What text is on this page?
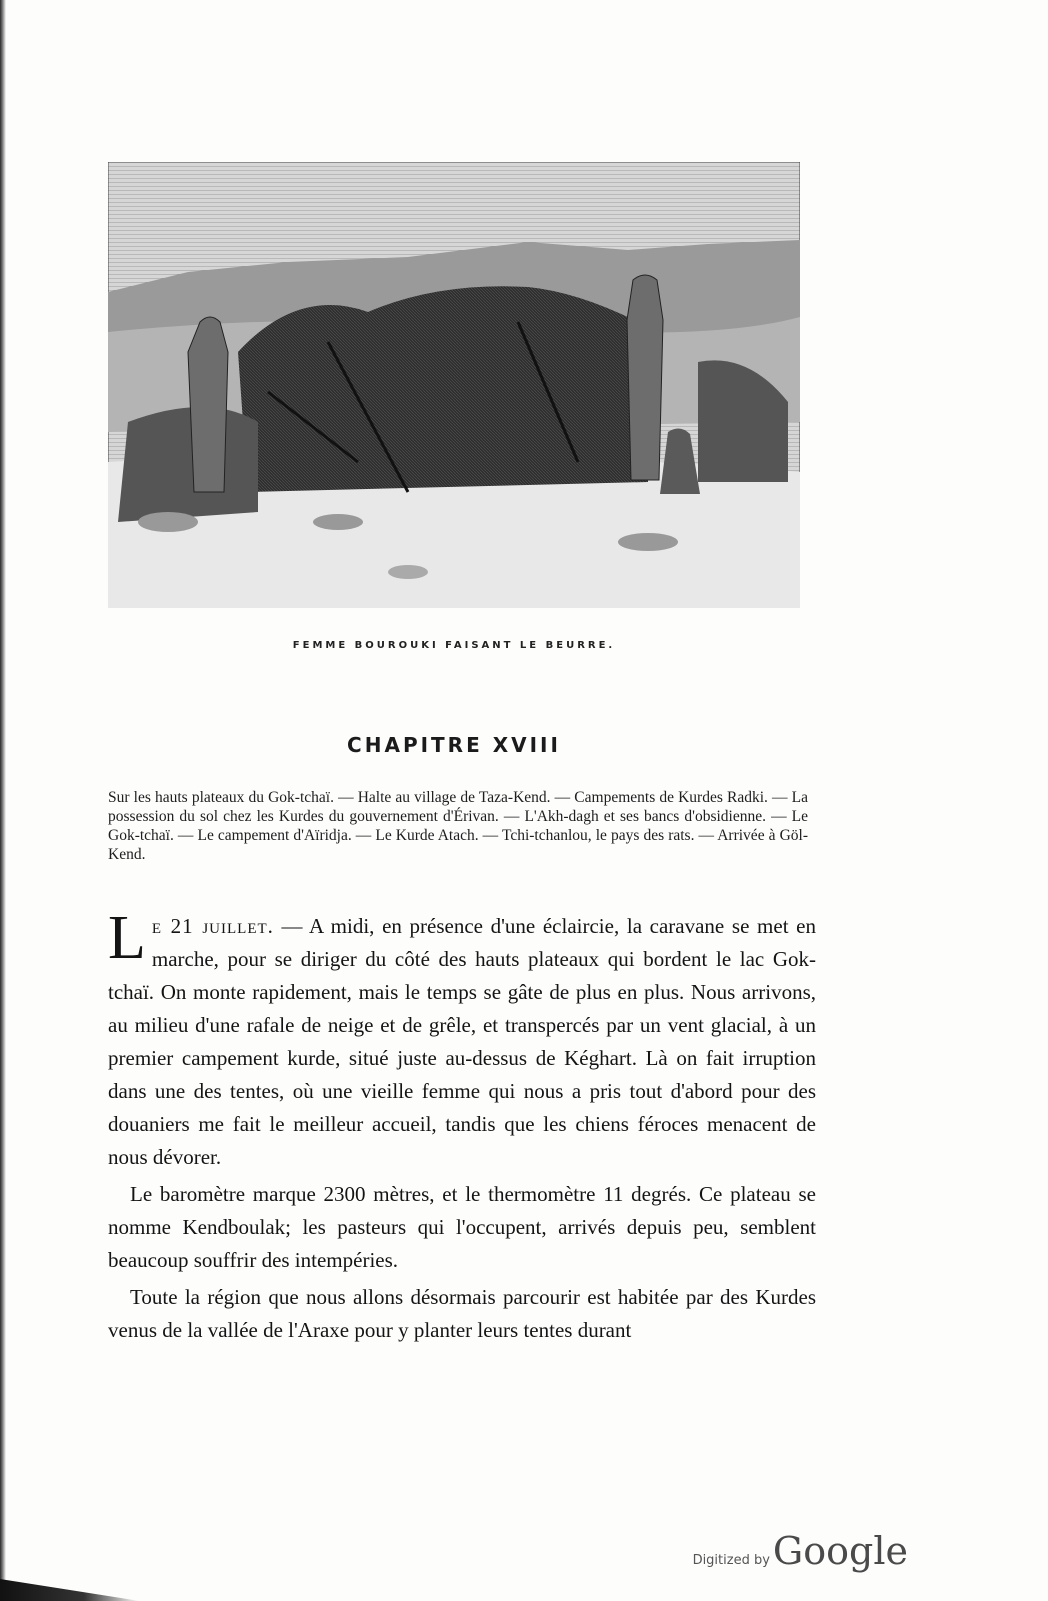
FEMME BOUROUKI FAISANT LE BEURRE.
CHAPITRE XVIII

Sur les hauts plateaux du Gok-tchaï. — Halte au village de Taza-Kend. — Campements de Kurdes Radki. — La possession du sol chez les Kurdes du gouvernement d'Érivan. — L'Akh-dagh et ses bancs d'obsidienne. — Le Gok-tchaï. — Le campement d'Aïridja. — Le Kurde Atach. — Tchi-tchanlou, le pays des rats. — Arrivée à Göl-Kend.

Le 21 juillet. — A midi, en présence d'une éclaircie, la caravane se met en marche, pour se diriger du côté des hauts plateaux qui bordent le lac Gok-tchaï. On monte rapidement, mais le temps se gâte de plus en plus. Nous arrivons, au milieu d'une rafale de neige et de grêle, et transpercés par un vent glacial, à un premier campement kurde, situé juste au-dessus de Kéghart. Là on fait irruption dans une des tentes, où une vieille femme qui nous a pris tout d'abord pour des douaniers me fait le meilleur accueil, tandis que les chiens féroces menacent de nous dévorer.

Le baromètre marque 2300 mètres, et le thermomètre 11 degrés. Ce plateau se nomme Kendboulak; les pasteurs qui l'occupent, arrivés depuis peu, semblent beaucoup souffrir des intempéries.

Toute la région que nous allons désormais parcourir est habitée par des Kurdes venus de la vallée de l'Araxe pour y planter leurs tentes durant

Digitized by Google
